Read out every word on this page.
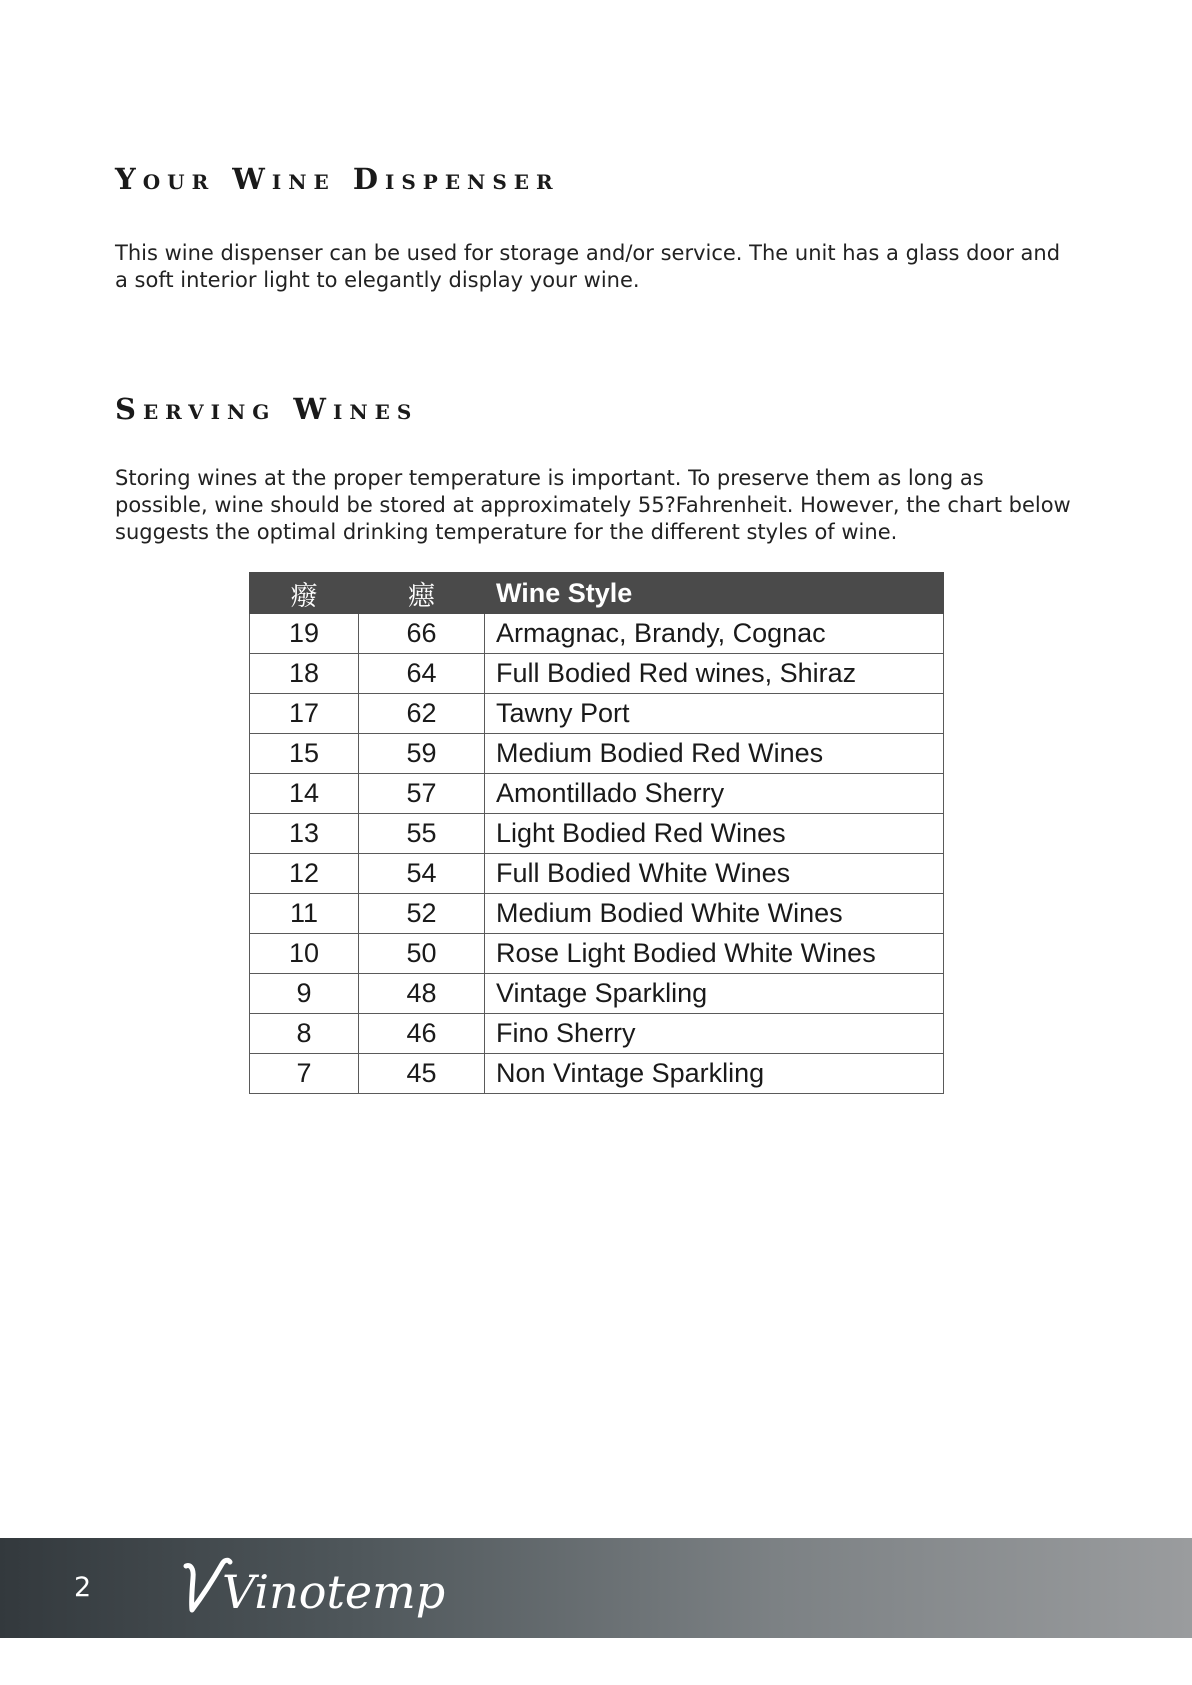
Your Wine Dispenser

This wine dispenser can be used for storage and/or service. The unit has a glass door and a soft interior light to elegantly display your wine.

Serving Wines

Storing wines at the proper temperature is important. To preserve them as long as possible, wine should be stored at approximately 55?Fahrenheit. However, the chart below suggests the optimal drinking temperature for the different styles of wine.

癈	癋	Wine Style
19	66	Armagnac, Brandy, Cognac
18	64	Full Bodied Red wines, Shiraz
17	62	Tawny Port
15	59	Medium Bodied Red Wines
14	57	Amontillado Sherry
13	55	Light Bodied Red Wines
12	54	Full Bodied White Wines
11	52	Medium Bodied White Wines
10	50	Rose Light Bodied White Wines
9	48	Vintage Sparkling
8	46	Fino Sherry
7	45	Non Vintage Sparkling
2	Vinotemp
